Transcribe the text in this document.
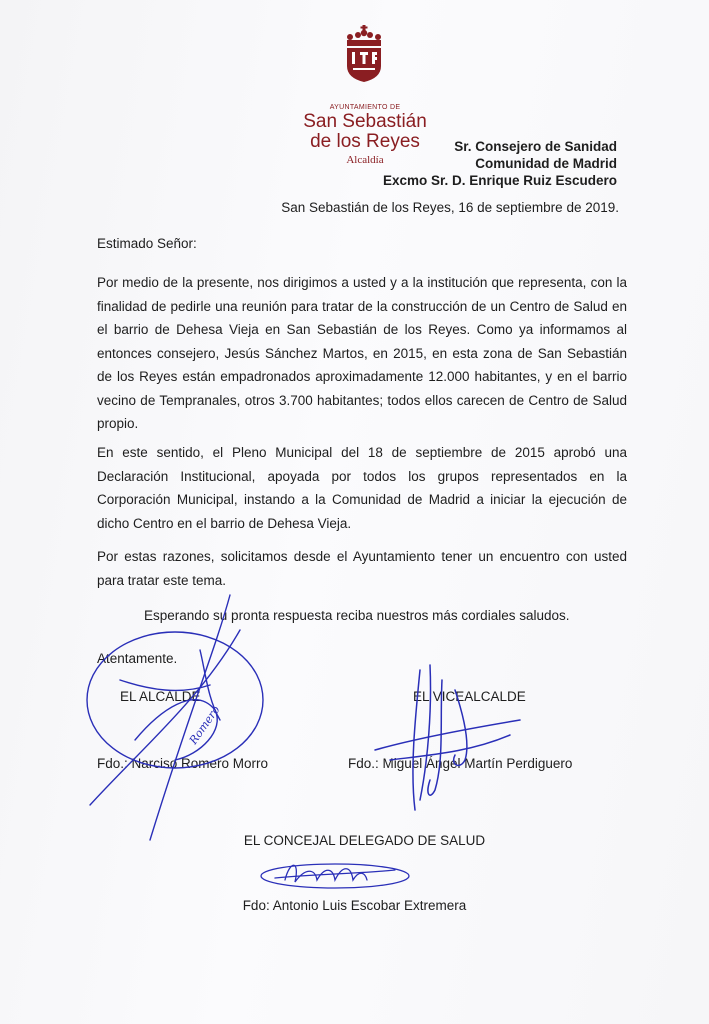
AYUNTAMIENTO DE
San Sebastián
de los Reyes
Alcaldía
Sr. Consejero de Sanidad
Comunidad de Madrid
Excmo Sr. D. Enrique Ruiz Escudero
San Sebastián de los Reyes, 16 de septiembre de 2019.
Estimado Señor:
Por medio de la presente, nos dirigimos a usted y a la institución que representa, con la finalidad de pedirle una reunión para tratar de la construcción de un Centro de Salud en el barrio de Dehesa Vieja en San Sebastián de los Reyes. Como ya informamos al entonces consejero, Jesús Sánchez Martos, en 2015, en esta zona de San Sebastián de los Reyes están empadronados aproximadamente 12.000 habitantes, y en el barrio vecino de Tempranales, otros 3.700 habitantes; todos ellos carecen de Centro de Salud propio.
En este sentido, el Pleno Municipal del 18 de septiembre de 2015 aprobó una Declaración Institucional, apoyada por todos los grupos representados en la Corporación Municipal, instando a la Comunidad de Madrid a iniciar la ejecución de dicho Centro en el barrio de Dehesa Vieja.
Por estas razones, solicitamos desde el Ayuntamiento tener un encuentro con usted para tratar este tema.
Esperando su pronta respuesta reciba nuestros más cordiales saludos.
Atentamente.
EL ALCALDE	EL VICEALCALDE
Fdo.: Narciso Romero Morro	Fdo.: Miguel Ángel Martín Perdiguero
EL CONCEJAL DELEGADO DE SALUD
Fdo: Antonio Luis Escobar Extremera
Romero
